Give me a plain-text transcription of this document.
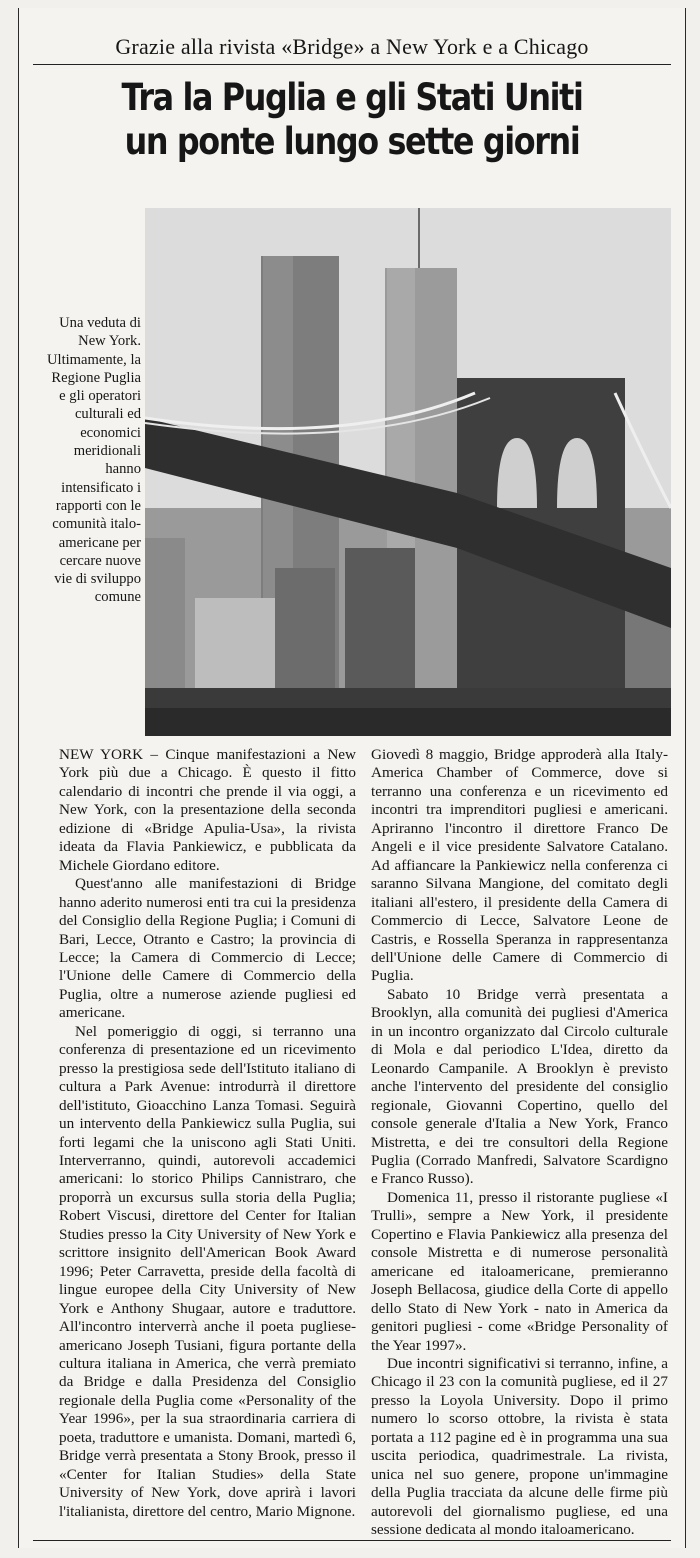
Grazie alla rivista «Bridge» a New York e a Chicago
Tra la Puglia e gli Stati Uniti
un ponte lungo sette giorni
Una veduta di New York. Ultimamente, la Regione Puglia e gli operatori culturali ed economici meridionali hanno intensificato i rapporti con le comunità italo-americane per cercare nuove vie di sviluppo comune

NEW YORK – Cinque manifestazioni a New York più due a Chicago. È questo il fitto calendario di incontri che prende il via oggi, a New York, con la presentazione della seconda edizione di «Bridge Apulia-Usa», la rivista ideata da Flavia Pankiewicz, e pubblicata da Michele Giordano editore.

Quest'anno alle manifestazioni di Bridge hanno aderito numerosi enti tra cui la presidenza del Consiglio della Regione Puglia; i Comuni di Bari, Lecce, Otranto e Castro; la provincia di Lecce; la Camera di Commercio di Lecce; l'Unione delle Camere di Commercio della Puglia, oltre a numerose aziende pugliesi ed americane.

Nel pomeriggio di oggi, si terranno una conferenza di presentazione ed un ricevimento presso la prestigiosa sede dell'Istituto italiano di cultura a Park Avenue: introdurrà il direttore dell'istituto, Gioacchino Lanza Tomasi. Seguirà un intervento della Pankiewicz sulla Puglia, sui forti legami che la uniscono agli Stati Uniti. Interverranno, quindi, autorevoli accademici americani: lo storico Philips Cannistraro, che proporrà un excursus sulla storia della Puglia; Robert Viscusi, direttore del Center for Italian Studies presso la City University of New York e scrittore insignito dell'American Book Award 1996; Peter Carravetta, preside della facoltà di lingue europee della City University of New York e Anthony Shugaar, autore e traduttore. All'incontro interverrà anche il poeta pugliese-americano Joseph Tusiani, figura portante della cultura italiana in America, che verrà premiato da Bridge e dalla Presidenza del Consiglio regionale della Puglia come «Personality of the Year 1996», per la sua straordinaria carriera di poeta, traduttore e umanista. Domani, martedì 6, Bridge verrà presentata a Stony Brook, presso il «Center for Italian Studies» della State University of New York, dove aprirà i lavori l'italianista, direttore del centro, Mario Mignone.

Giovedì 8 maggio, Bridge approderà alla Italy-America Chamber of Commerce, dove si terranno una conferenza e un ricevimento ed incontri tra imprenditori pugliesi e americani. Apriranno l'incontro il direttore Franco De Angeli e il vice presidente Salvatore Catalano. Ad affiancare la Pankiewicz nella conferenza ci saranno Silvana Mangione, del comitato degli italiani all'estero, il presidente della Camera di Commercio di Lecce, Salvatore Leone de Castris, e Rossella Speranza in rappresentanza dell'Unione delle Camere di Commercio di Puglia.

Sabato 10 Bridge verrà presentata a Brooklyn, alla comunità dei pugliesi d'America in un incontro organizzato dal Circolo culturale di Mola e dal periodico L'Idea, diretto da Leonardo Campanile. A Brooklyn è previsto anche l'intervento del presidente del consiglio regionale, Giovanni Copertino, quello del console generale d'Italia a New York, Franco Mistretta, e dei tre consultori della Regione Puglia (Corrado Manfredi, Salvatore Scardigno e Franco Russo).

Domenica 11, presso il ristorante pugliese «I Trulli», sempre a New York, il presidente Copertino e Flavia Pankiewicz alla presenza del console Mistretta e di numerose personalità americane ed italoamericane, premieranno Joseph Bellacosa, giudice della Corte di appello dello Stato di New York - nato in America da genitori pugliesi - come «Bridge Personality of the Year 1997».

Due incontri significativi si terranno, infine, a Chicago il 23 con la comunità pugliese, ed il 27 presso la Loyola University. Dopo il primo numero lo scorso ottobre, la rivista è stata portata a 112 pagine ed è in programma una sua uscita periodica, quadrimestrale. La rivista, unica nel suo genere, propone un'immagine della Puglia tracciata da alcune delle firme più autorevoli del giornalismo pugliese, ed una sessione dedicata al mondo italoamericano.
